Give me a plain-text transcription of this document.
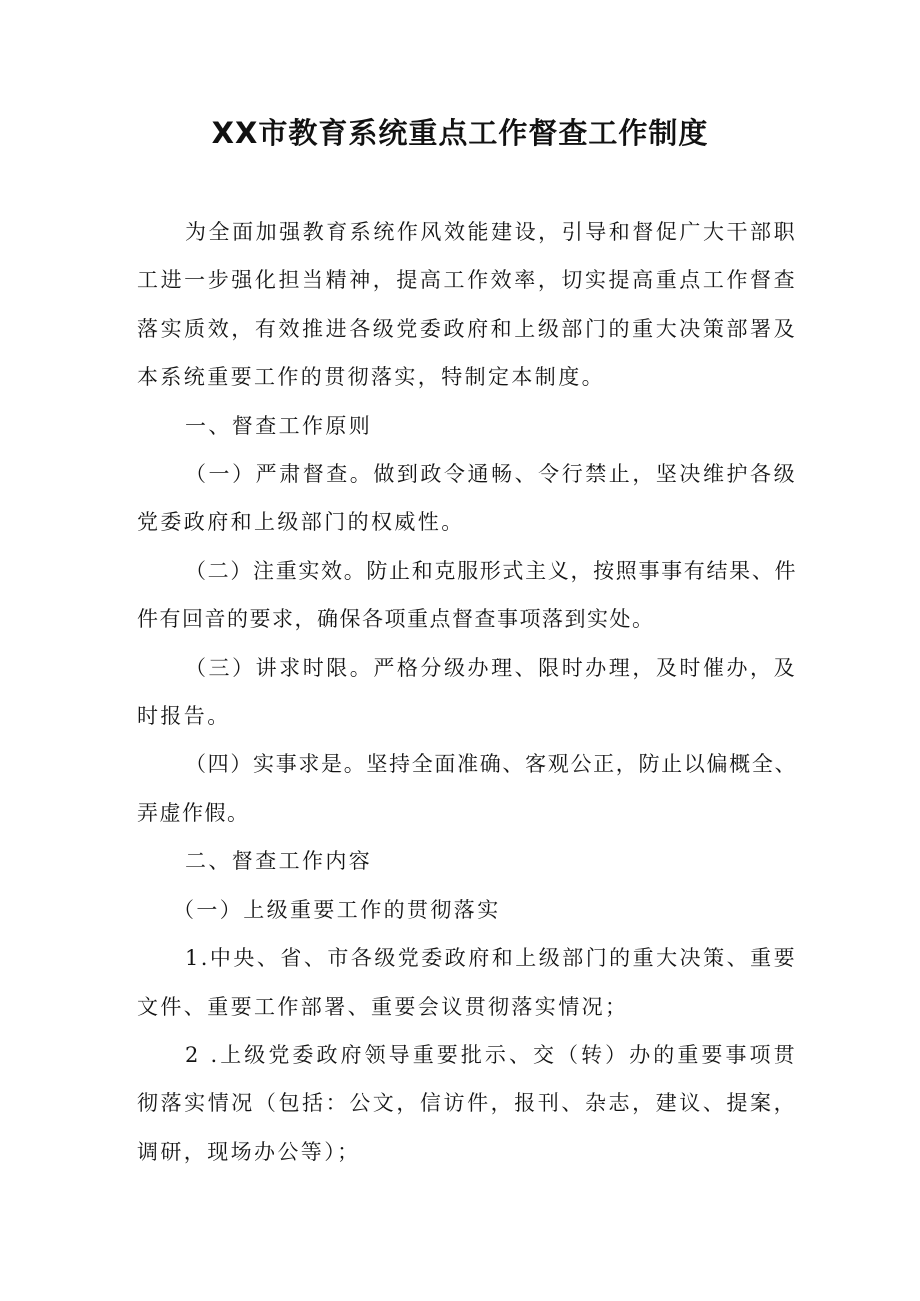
XX市教育系统重点工作督查工作制度

为全面加强教育系统作风效能建设，引导和督促广大干部职工进一步强化担当精神，提高工作效率，切实提高重点工作督查落实质效，有效推进各级党委政府和上级部门的重大决策部署及本系统重要工作的贯彻落实，特制定本制度。

一、督查工作原则

（一）严肃督查。做到政令通畅、令行禁止，坚决维护各级党委政府和上级部门的权威性。

（二）注重实效。防止和克服形式主义，按照事事有结果、件件有回音的要求，确保各项重点督查事项落到实处。

（三）讲求时限。严格分级办理、限时办理，及时催办，及时报告。

（四）实事求是。坚持全面准确、客观公正，防止以偏概全、弄虚作假。

二、督查工作内容

（一）上级重要工作的贯彻落实

1.中央、省、市各级党委政府和上级部门的重大决策、重要文件、重要工作部署、重要会议贯彻落实情况；

2 .上级党委政府领导重要批示、交（转）办的重要事项贯彻落实情况（包括：公文，信访件，报刊、杂志，建议、提案，调研，现场办公等）；
